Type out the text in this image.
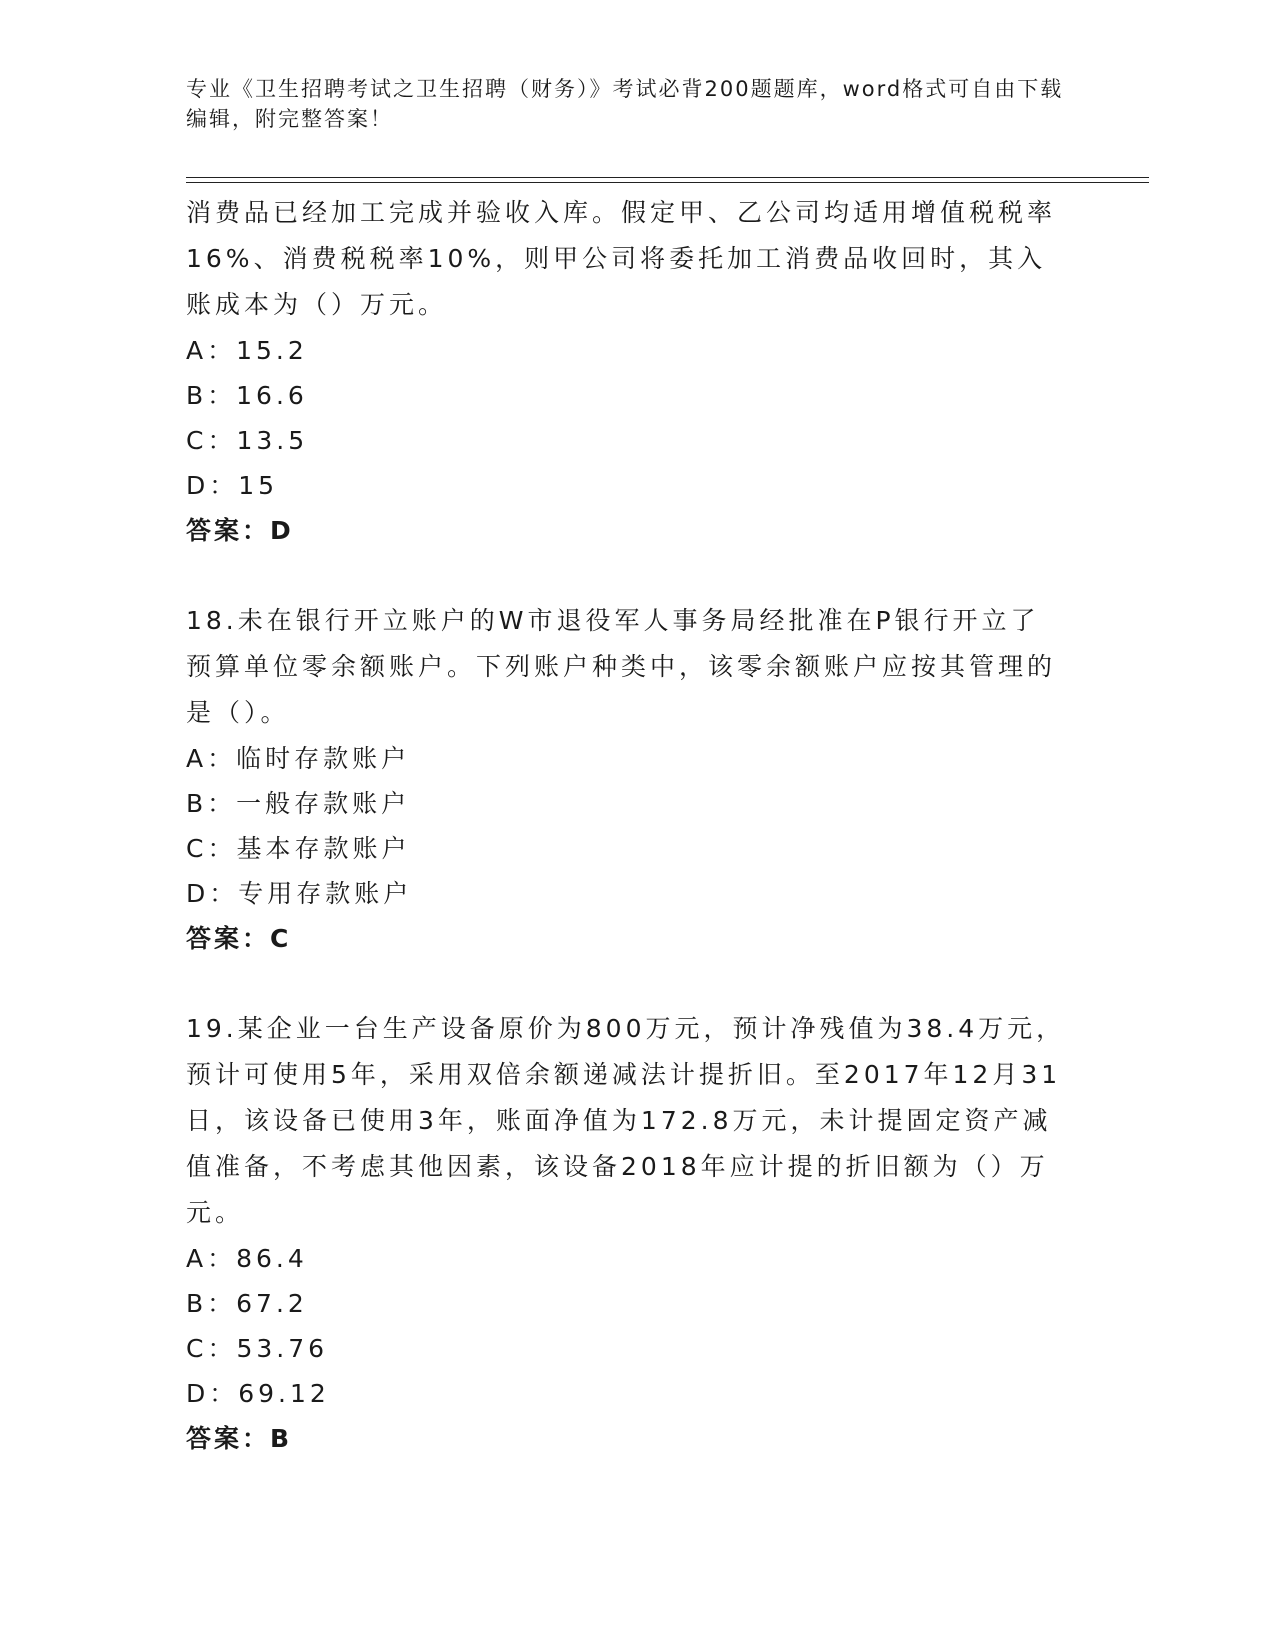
专业《卫生招聘考试之卫生招聘（财务）》考试必背200题题库，word格式可自由下载编辑，附完整答案！

消费品已经加工完成并验收入库。假定甲、乙公司均适用增值税税率16%、消费税税率10%，则甲公司将委托加工消费品收回时，其入账成本为（）万元。

A：15.2

B：16.6

C：13.5

D：15

答案：D

18.未在银行开立账户的W市退役军人事务局经批准在P银行开立了预算单位零余额账户。下列账户种类中，该零余额账户应按其管理的是（）。

A：临时存款账户

B：一般存款账户

C：基本存款账户

D：专用存款账户

答案：C

19.某企业一台生产设备原价为800万元，预计净残值为38.4万元，预计可使用5年，采用双倍余额递减法计提折旧。至2017年12月31日，该设备已使用3年，账面净值为172.8万元，未计提固定资产减值准备，不考虑其他因素，该设备2018年应计提的折旧额为（）万元。

A：86.4

B：67.2

C：53.76

D：69.12

答案：B
